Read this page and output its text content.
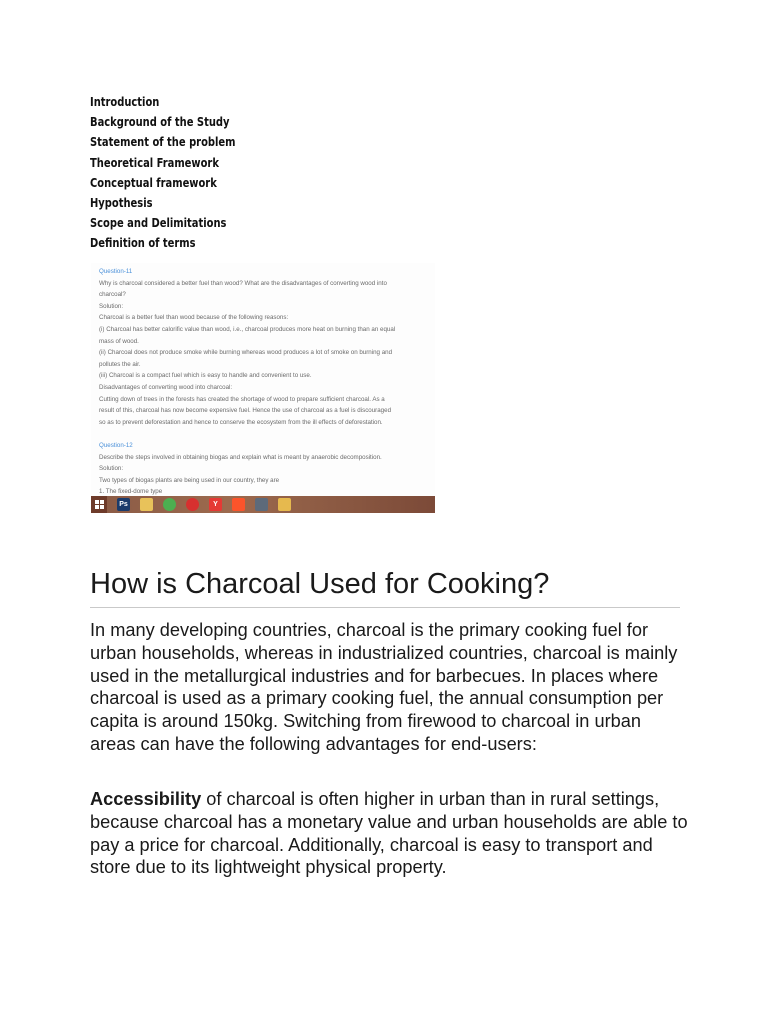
Introduction
Background of the Study
Statement of the problem
Theoretical Framework
Conceptual framework
Hypothesis
Scope and Delimitations
Definition of terms
Question-11
Why is charcoal considered a better fuel than wood? What are the disadvantages of converting wood into
charcoal?
Solution:
Charcoal is a better fuel than wood because of the following reasons:
(i) Charcoal has better calorific value than wood, i.e., charcoal produces more heat on burning than an equal
mass of wood.
(ii) Charcoal does not produce smoke while burning whereas wood produces a lot of smoke on burning and
pollutes the air.
(iii) Charcoal is a compact fuel which is easy to handle and convenient to use.
Disadvantages of converting wood into charcoal:
Cutting down of trees in the forests has created the shortage of wood to prepare sufficient charcoal. As a
result of this, charcoal has now become expensive fuel. Hence the use of charcoal as a fuel is discouraged
so as to prevent deforestation and hence to conserve the ecosystem from the ill effects of deforestation.
Question-12
Describe the steps involved in obtaining biogas and explain what is meant by anaerobic decomposition.
Solution:
Two types of biogas plants are being used in our country, they are
1. The fixed-dome type
Ps	Y
How is Charcoal Used for Cooking?

In many developing countries, charcoal is the primary cooking fuel for urban households, whereas in industrialized countries, charcoal is mainly used in the metallurgical industries and for barbecues. In places where charcoal is used as a primary cooking fuel, the annual consumption per capita is around 150kg. Switching from firewood to charcoal in urban areas can have the following advantages for end-users:

Accessibility of charcoal is often higher in urban than in rural settings, because charcoal has a monetary value and urban households are able to pay a price for charcoal. Additionally, charcoal is easy to transport and store due to its lightweight physical property.
